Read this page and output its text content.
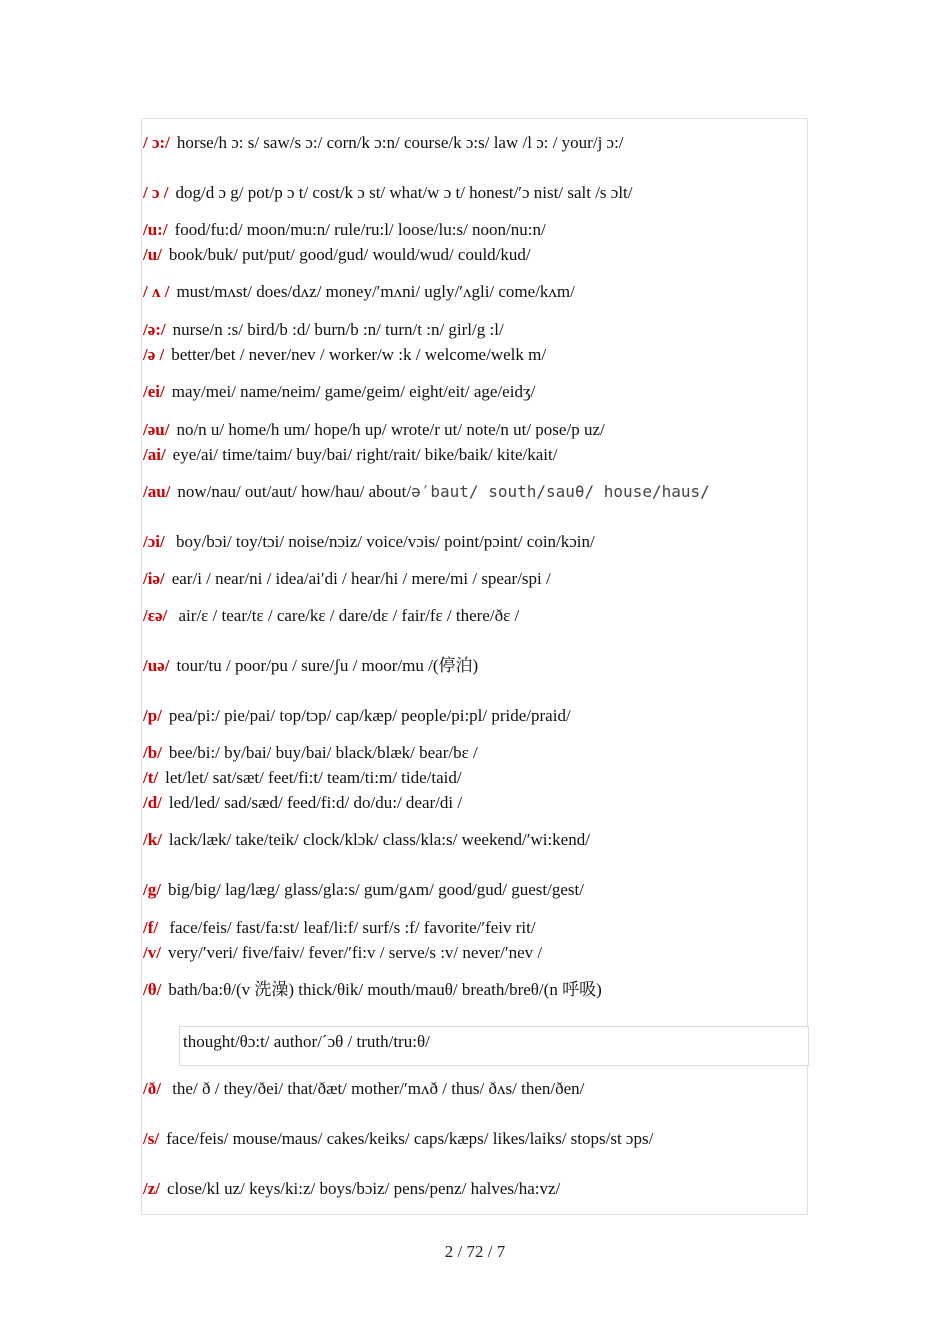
/ ɔ:/ horse/h ɔ: s/ saw/s ɔ:/ corn/k ɔ:n/ course/k ɔ:s/ law /l ɔ: / your/j ɔ:/
/ ɔ / dog/d ɔ g/ pot/p ɔ t/ cost/k ɔ st/ what/w ɔ t/ honest/′ɔ nist/ salt /s ɔlt/
/u:/ food/fu:d/ moon/mu:n/ rule/ru:l/ loose/lu:s/ noon/nu:n/
/u/ book/buk/ put/put/ good/gud/ would/wud/ could/kud/
/ ʌ / must/mʌst/ does/dʌz/ money/′mʌni/ ugly/′ʌgli/ come/kʌm/
/ə:/ nurse/n :s/ bird/b :d/ burn/b :n/ turn/t :n/ girl/g :l/
/ə / better/bet / never/nev / worker/w :k / welcome/welk m/
/ei/ may/mei/ name/neim/ game/geim/ eight/eit/ age/eidʒ/
/əu/ no/n u/ home/h um/ hope/h up/ wrote/r ut/ note/n ut/ pose/p uz/
/ai/ eye/ai/ time/taim/ buy/bai/ right/rait/ bike/baik/ kite/kait/
/au/ now/nau/ out/aut/ how/hau/ about/ə′baut/ south/sauθ/ house/haus/
/ɔi/ boy/bɔi/ toy/tɔi/ noise/nɔiz/ voice/vɔis/ point/pɔint/ coin/kɔin/
/iə/ ear/i / near/ni / idea/ai′di / hear/hi / mere/mi / spear/spi /
/εə/ air/ε / tear/tε / care/kε / dare/dε / fair/fε / there/ðε /
/uə/ tour/tu / poor/pu / sure/ʃu / moor/mu /(停泊)
/p/ pea/pi:/ pie/pai/ top/tɔp/ cap/kæp/ people/pi:pl/ pride/praid/
/b/ bee/bi:/ by/bai/ buy/bai/ black/blæk/ bear/bε /
/t/ let/let/ sat/sæt/ feet/fi:t/ team/ti:m/ tide/taid/
/d/ led/led/ sad/sæd/ feed/fi:d/ do/du:/ dear/di /
/k/ lack/læk/ take/teik/ clock/klɔk/ class/kla:s/ weekend/′wi:kend/
/g/ big/big/ lag/læg/ glass/gla:s/ gum/gʌm/ good/gud/ guest/gest/
/f/ face/feis/ fast/fa:st/ leaf/li:f/ surf/s :f/ favorite/′feiv rit/
/v/ very/′veri/ five/faiv/ fever/′fi:v / serve/s :v/ never/′nev /
/θ/ bath/ba:θ/(v 洗澡) thick/θik/ mouth/mauθ/ breath/breθ/(n 呼吸)
thought/θɔ:t/ author/´ɔθ / truth/tru:θ/
/ð/ the/ ð / they/ðei/ that/ðæt/ mother/′mʌð / thus/ ðʌs/ then/ðen/
/s/ face/feis/ mouse/maus/ cakes/keiks/ caps/kæps/ likes/laiks/ stops/st ɔps/
/z/ close/kl uz/ keys/ki:z/ boys/bɔiz/ pens/penz/ halves/ha:vz/
2 / 72 / 7
